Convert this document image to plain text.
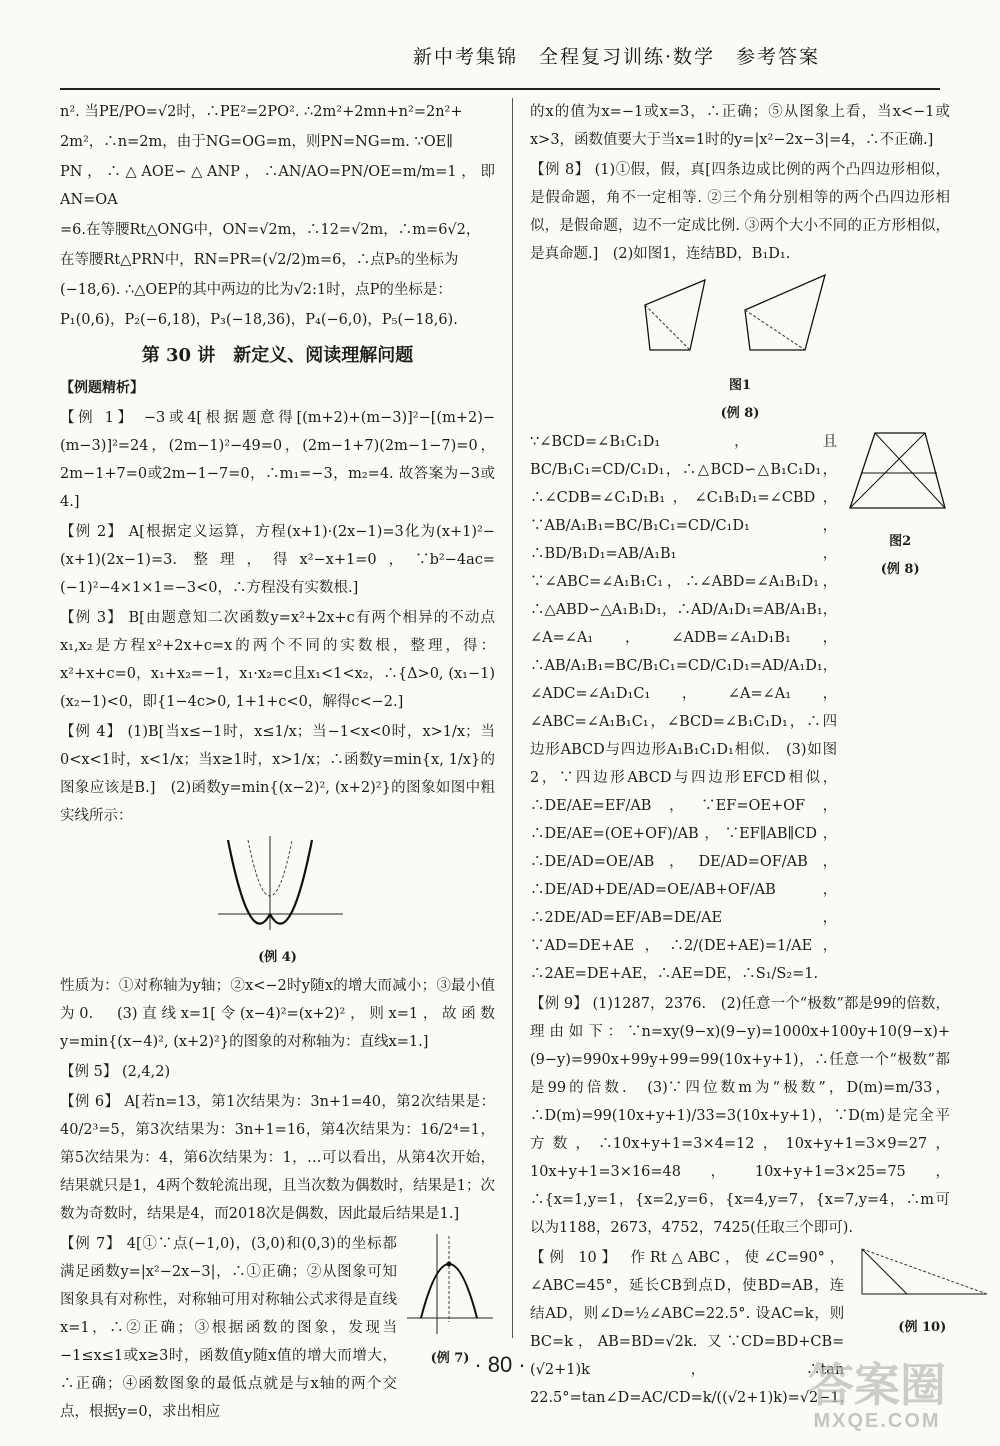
新中考集锦　全程复习训练·数学　参考答案

n². 当PE/PO=√2时，∴PE²=2PO². ∴2m²+2mn+n²=2n²+

2m²，∴n=2m，由于NG=OG=m，则PN=NG=m. ∵OE∥

PN，∴△AOE∽△ANP，∴AN/AO=PN/OE=m/m=1，即AN=OA

=6.在等腰Rt△ONG中，ON=√2m，∴12=√2m，∴m=6√2，

在等腰Rt△PRN中，RN=PR=(√2/2)m=6，∴点P₅的坐标为

(−18,6). ∴△OEP的其中两边的比为√2:1时，点P的坐标是：

P₁(0,6)，P₂(−6,18)，P₃(−18,36)，P₄(−6,0)，P₅(−18,6).

第 30 讲　新定义、阅读理解问题
【例题精析】

【例 1】 −3或4[根据题意得[(m+2)+(m−3)]²−[(m+2)−(m−3)]²=24，(2m−1)²−49=0，(2m−1+7)(2m−1−7)=0，2m−1+7=0或2m−1−7=0，∴m₁=−3，m₂=4. 故答案为−3或4.]

【例 2】 A[根据定义运算，方程(x+1)·(2x−1)=3化为(x+1)²−(x+1)(2x−1)=3. 整理，得x²−x+1=0，∵b²−4ac=(−1)²−4×1×1=−3<0，∴方程没有实数根.]

【例 3】 B[由题意知二次函数y=x²+2x+c有两个相异的不动点x₁,x₂是方程x²+2x+c=x的两个不同的实数根，整理，得：x²+x+c=0，x₁+x₂=−1，x₁·x₂=c且x₁<1<x₂，∴{Δ>0, (x₁−1)(x₂−1)<0，即{1−4c>0, 1+1+c<0，解得c<−2.]

【例 4】 (1)B[当x≤−1时，x≤1/x；当−1<x<0时，x>1/x；当0<x<1时，x<1/x；当x≥1时，x>1/x；∴函数y=min{x, 1/x}的图象应该是B.]　(2)函数y=min{(x−2)², (x+2)²}的图象如图中粗实线所示：

(例 4)

性质为：①对称轴为y轴；②x<−2时y随x的增大而减小；③最小值为0.　(3)直线x=1[令(x−4)²=(x+2)²，则x=1，故函数y=min{(x−4)², (x+2)²}的图象的对称轴为：直线x=1.]

【例 5】 (2,4,2)

【例 6】 A[若n=13，第1次结果为：3n+1=40，第2次结果是：40/2³=5，第3次结果为：3n+1=16，第4次结果为：16/2⁴=1，第5次结果为：4，第6次结果为：1，…可以看出，从第4次开始，结果就只是1，4两个数轮流出现，且当次数为偶数时，结果是1；次数为奇数时，结果是4，而2018次是偶数，因此最后结果是1.]

【例 7】 4[①∵点(−1,0)，(3,0)和(0,3)的坐标都满足函数y=|x²−2x−3|，∴①正确；②从图象可知图象具有对称性，对称轴可用对称轴公式求得是直线x=1，∴②正确；③根据函数的图象，发现当−1≤x≤1或x≥3时，函数值y随x值的增大而增大，∴正确；④函数图象的最低点就是与x轴的两个交点，根据y=0，求出相应

(例 7)

的x的值为x=−1或x=3，∴正确；⑤从图象上看，当x<−1或x>3，函数值要大于当x=1时的y=|x²−2x−3|=4，∴不正确.]

【例 8】 (1)①假，假，真[四条边成比例的两个凸四边形相似，是假命题，角不一定相等. ②三个角分别相等的两个凸四边形相似，是假命题，边不一定成比例. ③两个大小不同的正方形相似，是真命题.]　(2)如图1，连结BD，B₁D₁.

图1
(例 8)

∵∠BCD=∠B₁C₁D₁，且BC/B₁C₁=CD/C₁D₁，∴△BCD∽△B₁C₁D₁，∴∠CDB=∠C₁D₁B₁，∠C₁B₁D₁=∠CBD，∵AB/A₁B₁=BC/B₁C₁=CD/C₁D₁，∴BD/B₁D₁=AB/A₁B₁，∵∠ABC=∠A₁B₁C₁，∴∠ABD=∠A₁B₁D₁，∴△ABD∽△A₁B₁D₁，∴AD/A₁D₁=AB/A₁B₁，∠A=∠A₁，∠ADB=∠A₁D₁B₁，∴AB/A₁B₁=BC/B₁C₁=CD/C₁D₁=AD/A₁D₁，∠ADC=∠A₁D₁C₁，∠A=∠A₁，∠ABC=∠A₁B₁C₁，∠BCD=∠B₁C₁D₁，∴四边形ABCD与四边形A₁B₁C₁D₁相似.　(3)如图2，∵四边形ABCD与四边形EFCD相似，∴DE/AE=EF/AB，∵EF=OE+OF，∴DE/AE=(OE+OF)/AB，∵EF∥AB∥CD，∴DE/AD=OE/AB，DE/AD=OF/AB，∴DE/AD+DE/AD=OE/AB+OF/AB，∴2DE/AD=EF/AB=DE/AE，∵AD=DE+AE，∴2/(DE+AE)=1/AE，∴2AE=DE+AE，∴AE=DE，∴S₁/S₂=1.

图2
(例 8)

【例 9】 (1)1287，2376.　(2)任意一个“极数”都是99的倍数，理由如下：∵n=xy(9−x)(9−y)=1000x+100y+10(9−x)+(9−y)=990x+99y+99=99(10x+y+1)，∴任意一个“极数”都是99的倍数.　(3)∵四位数m为“极数”，D(m)=m/33，∴D(m)=99(10x+y+1)/33=3(10x+y+1)，∵D(m)是完全平方数，∴10x+y+1=3×4=12，10x+y+1=3×9=27，10x+y+1=3×16=48，10x+y+1=3×25=75，∴{x=1,y=1，{x=2,y=6，{x=4,y=7，{x=7,y=4，∴m可以为1188，2673，4752，7425(任取三个即可).

【例 10】 作Rt△ABC，使∠C=90°，∠ABC=45°，延长CB到点D，使BD=AB，连结AD，则∠D=½∠ABC=22.5°. 设AC=k，则BC=k，AB=BD=√2k. 又∵CD=BD+CB=(√2+1)k，∴tan 22.5°=tan∠D=AC/CD=k/((√2+1)k)=√2−1.

(例 10)
· 80 ·	答案圈
MXQE.COM
